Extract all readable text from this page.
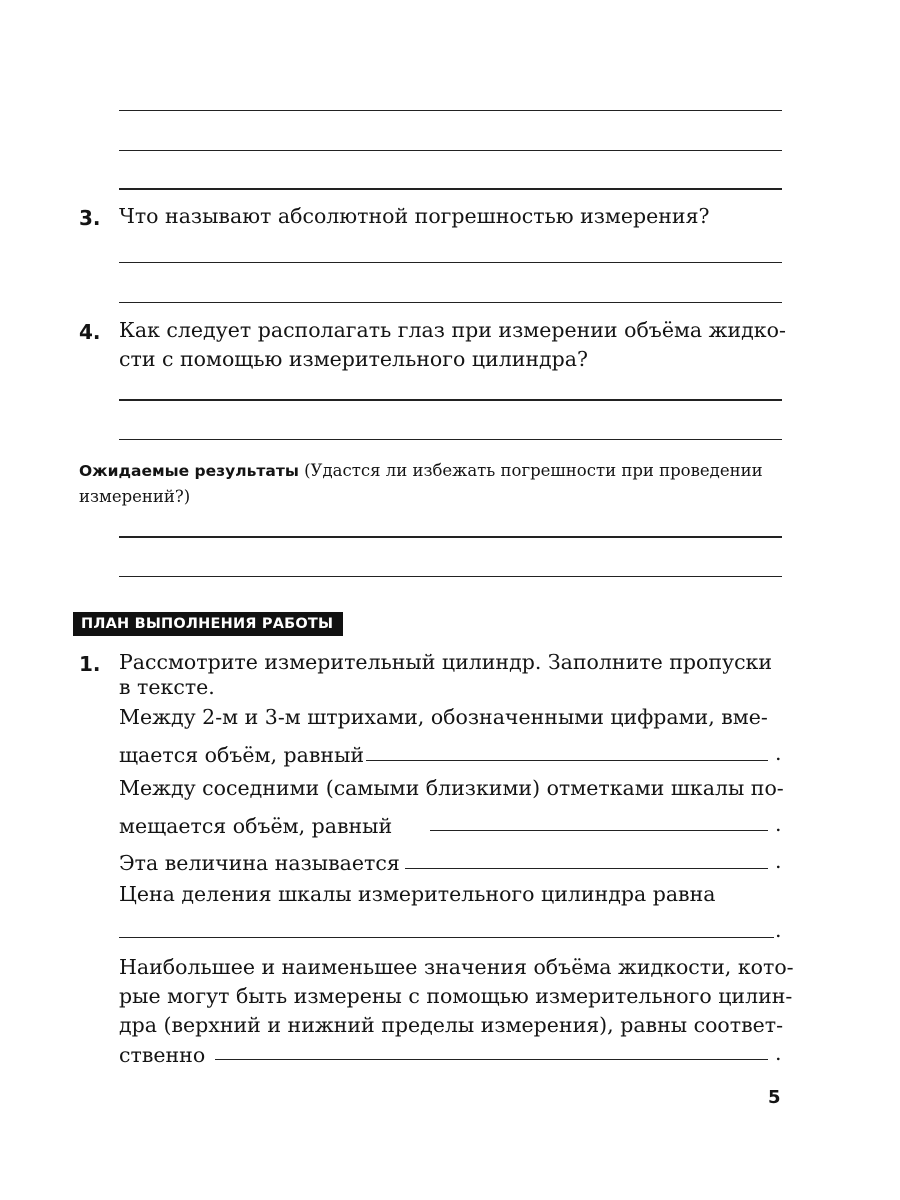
3. Что называют абсолютной погрешностью измерения?
4. Как следует располагать глаз при измерении объёма жидко-
сти с помощью измерительного цилиндра?
Ожидаемые результаты (Удастся ли избежать погрешности при проведении измерений?)
ПЛАН ВЫПОЛНЕНИЯ РАБОТЫ
1. Рассмотрите измерительный цилиндр. Заполните пропуски
в тексте.
Между 2-м и 3-м штрихами, обозначенными цифрами, вме-
щается объём, равный	.
Между соседними (самыми близкими) отметками шкалы по-
мещается объём, равный	.
Эта величина называется	.
Цена деления шкалы измерительного цилиндра равна
.
Наибольшее и наименьшее значения объёма жидкости, кото-
рые могут быть измерены с помощью измерительного цилин-
дра (верхний и нижний пределы измерения), равны соответ-
ственно	.
5
